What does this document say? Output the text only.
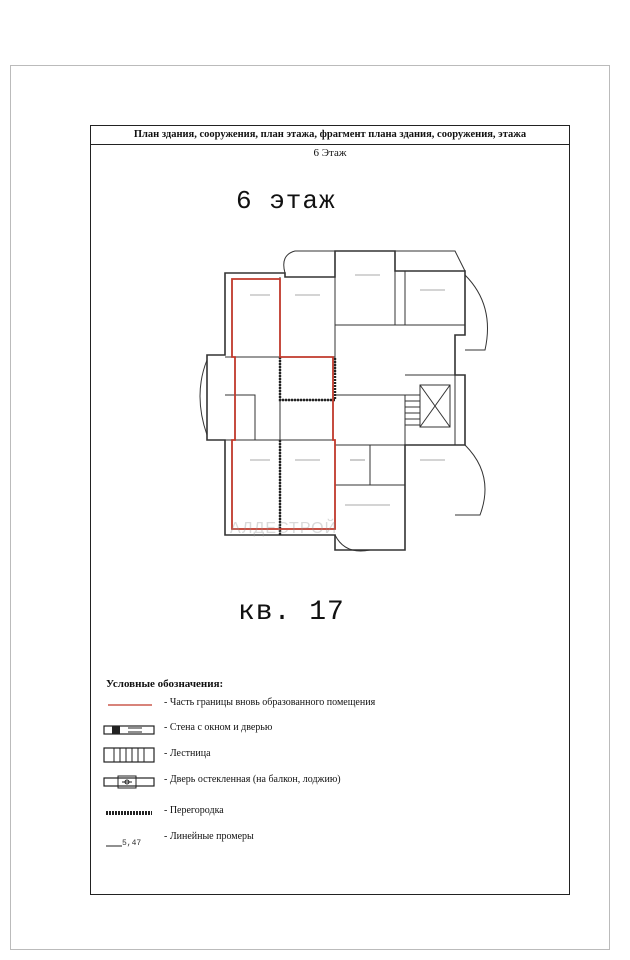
План здания, сооружения, план этажа, фрагмент плана здания, сооружения, этажа
6 Этаж
6 этаж
АЛДЕСТРОЙ
кв. 17
Условные обозначения:
- Часть границы вновь образованного помещения
- Стена с окном и дверью
- Лестница
- Дверь остекленная (на балкон, лоджию)
- Перегородка
5,47
- Линейные промеры
